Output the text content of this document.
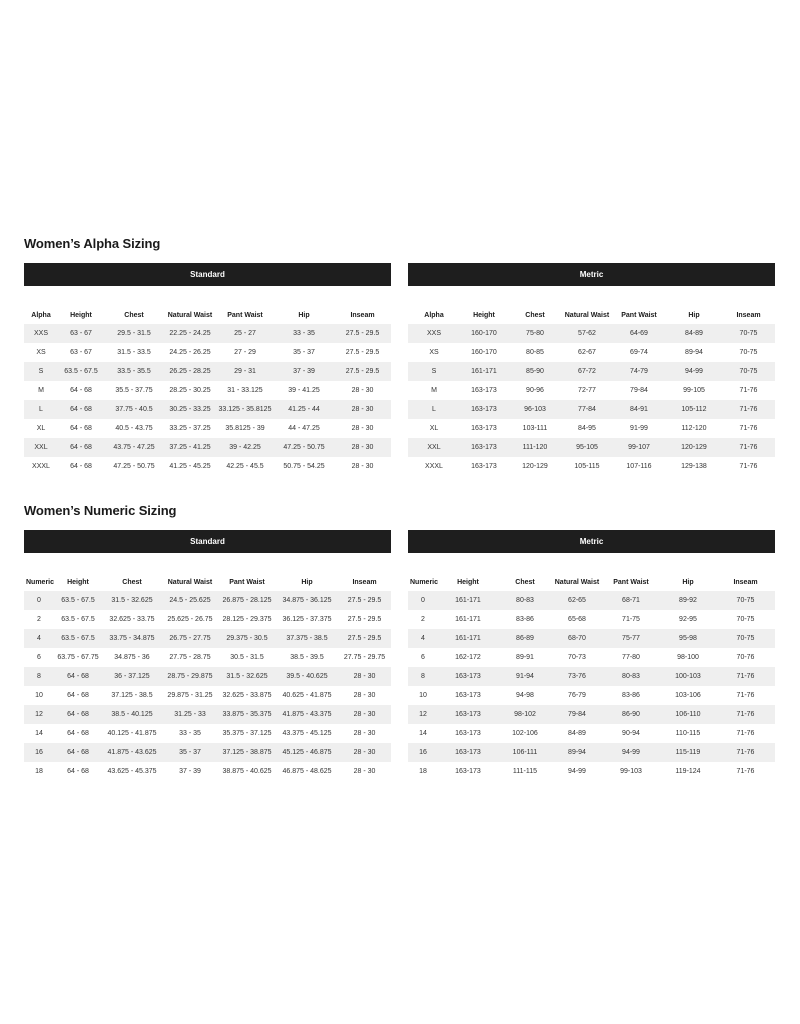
Women’s Alpha Sizing
Standard
Alpha	Height	Chest	Natural Waist	Pant Waist	Hip	Inseam
XXS	63 - 67	29.5 - 31.5	22.25 - 24.25	25 - 27	33 - 35	27.5 - 29.5
XS	63 - 67	31.5 - 33.5	24.25 - 26.25	27 - 29	35 - 37	27.5 - 29.5
S	63.5 - 67.5	33.5 - 35.5	26.25 - 28.25	29 - 31	37 - 39	27.5 - 29.5
M	64 - 68	35.5 - 37.75	28.25 - 30.25	31 - 33.125	39 - 41.25	28 - 30
L	64 - 68	37.75 - 40.5	30.25 - 33.25	33.125 - 35.8125	41.25 - 44	28 - 30
XL	64 - 68	40.5 - 43.75	33.25 - 37.25	35.8125 - 39	44 - 47.25	28 - 30
XXL	64 - 68	43.75 - 47.25	37.25 - 41.25	39 - 42.25	47.25 - 50.75	28 - 30
XXXL	64 - 68	47.25 - 50.75	41.25 - 45.25	42.25 - 45.5	50.75 - 54.25	28 - 30
Metric
Alpha	Height	Chest	Natural Waist	Pant Waist	Hip	Inseam
XXS	160-170	75-80	57-62	64-69	84-89	70-75
XS	160-170	80-85	62-67	69-74	89-94	70-75
S	161-171	85-90	67-72	74-79	94-99	70-75
M	163-173	90-96	72-77	79-84	99-105	71-76
L	163-173	96-103	77-84	84-91	105-112	71-76
XL	163-173	103-111	84-95	91-99	112-120	71-76
XXL	163-173	111-120	95-105	99-107	120-129	71-76
XXXL	163-173	120-129	105-115	107-116	129-138	71-76
Women’s Numeric Sizing
Standard
Numeric	Height	Chest	Natural Waist	Pant Waist	Hip	Inseam
0	63.5 - 67.5	31.5 - 32.625	24.5 - 25.625	26.875 - 28.125	34.875 - 36.125	27.5 - 29.5
2	63.5 - 67.5	32.625 - 33.75	25.625 - 26.75	28.125 - 29.375	36.125 - 37.375	27.5 - 29.5
4	63.5 - 67.5	33.75 - 34.875	26.75 - 27.75	29.375 - 30.5	37.375 - 38.5	27.5 - 29.5
6	63.75 - 67.75	34.875 - 36	27.75 - 28.75	30.5 - 31.5	38.5 - 39.5	27.75 - 29.75
8	64 - 68	36 - 37.125	28.75 - 29.875	31.5 - 32.625	39.5 - 40.625	28 - 30
10	64 - 68	37.125 - 38.5	29.875 - 31.25	32.625 - 33.875	40.625 - 41.875	28 - 30
12	64 - 68	38.5 - 40.125	31.25 - 33	33.875 - 35.375	41.875 - 43.375	28 - 30
14	64 - 68	40.125 - 41.875	33 - 35	35.375 - 37.125	43.375 - 45.125	28 - 30
16	64 - 68	41.875 - 43.625	35 - 37	37.125 - 38.875	45.125 - 46.875	28 - 30
18	64 - 68	43.625 - 45.375	37 - 39	38.875 - 40.625	46.875 - 48.625	28 - 30
Metric
Numeric	Height	Chest	Natural Waist	Pant Waist	Hip	Inseam
0	161-171	80-83	62-65	68-71	89-92	70-75
2	161-171	83-86	65-68	71-75	92-95	70-75
4	161-171	86-89	68-70	75-77	95-98	70-75
6	162-172	89-91	70-73	77-80	98-100	70-76
8	163-173	91-94	73-76	80-83	100-103	71-76
10	163-173	94-98	76-79	83-86	103-106	71-76
12	163-173	98-102	79-84	86-90	106-110	71-76
14	163-173	102-106	84-89	90-94	110-115	71-76
16	163-173	106-111	89-94	94-99	115-119	71-76
18	163-173	111-115	94-99	99-103	119-124	71-76
